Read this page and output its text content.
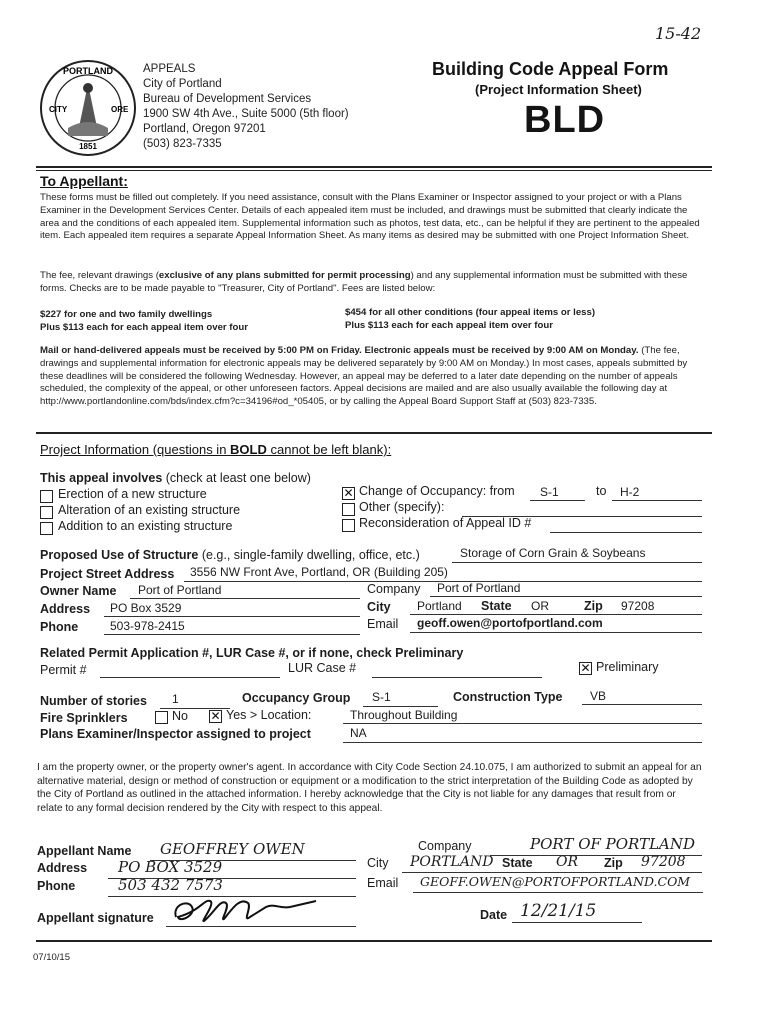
15-42
PORTLAND
1851
CITY	ORE
APPEALS
City of Portland
Bureau of Development Services
1900 SW 4th Ave., Suite 5000 (5th floor)
Portland, Oregon 97201
(503) 823-7335
Building Code Appeal Form
(Project Information Sheet)
BLD
To Appellant:
These forms must be filled out completely. If you need assistance, consult with the Plans Examiner or Inspector assigned to your project or with a Plans Examiner in the Development Services Center. Details of each appealed item must be included, and drawings must be submitted that clearly indicate the area and the conditions of each appealed item. Supplemental information such as photos, test data, etc., can be helpful if they are pertinent to the appealed item. Each appealed item requires a separate Appeal Information Sheet. As many items as desired may be submitted with one Project Information Sheet.
The fee, relevant drawings (exclusive of any plans submitted for permit processing) and any supplemental information must be submitted with these forms. Checks are to be made payable to "Treasurer, City of Portland". Fees are listed below:
$227 for one and two family dwellings
Plus $113 each for each appeal item over four
$454 for all other conditions (four appeal items or less)
Plus $113 each for each appeal item over four
Mail or hand-delivered appeals must be received by 5:00 PM on Friday. Electronic appeals must be received by 9:00 AM on Monday. (The fee, drawings and supplemental information for electronic appeals may be delivered separately by 9:00 AM on Monday.) In most cases, appeals submitted by these deadlines will be considered the following Wednesday. However, an appeal may be deferred to a later date depending on the number of appeals scheduled, the complexity of the appeal, or other unforeseen factors. Appeal decisions are mailed and are also usually available the following day at http://www.portlandonline.com/bds/index.cfm?c=34196#od_*05405, or by calling the Appeal Board Support Staff at (503) 823-7335.
Project Information (questions in BOLD cannot be left blank):
This appeal involves (check at least one below)
Erection of a new structure
Alteration of an existing structure
Addition to an existing structure
✕ Change of Occupancy: from S-1	to H-2
Other (specify):
Reconsideration of Appeal ID #
Proposed Use of Structure (e.g., single-family dwelling, office, etc.)	Storage of Corn Grain & Soybeans
Project Street Address 3556 NW Front Ave, Portland, OR (Building 205)
Owner Name Port of Portland	Company Port of Portland
Address PO Box 3529	City Portland State OR	Zip 97208
Phone	503-978-2415	Email geoff.owen@portofportland.com
Related Permit Application #, LUR Case #, or if none, check Preliminary
Permit #	LUR Case #	✕ Preliminary
Number of stories 1	Occupancy Group S-1	Construction Type VB
Fire Sprinklers	No ✕ Yes > Location:	Throughout Building
Plans Examiner/Inspector assigned to project	NA
I am the property owner, or the property owner's agent. In accordance with City Code Section 24.10.075, I am authorized to submit an appeal for an alternative material, design or method of construction or equipment or a modification to the strict interpretation of the Building Code as adopted by the City of Portland as outlined in the attached information. I hereby acknowledge that the City is not liable for any damages that result from or relate to any formal decision rendered by the City with respect to this appeal.
Appellant Name GEOFFREY OWEN	Company	PORT OF PORTLAND
Address PO BOX 3529	City PORTLAND State OR Zip 97208
Phone	503 432 7573	Email GEOFF.OWEN@PORTOFPORTLAND.COM
Appellant signature	Date 12/21/15
07/10/15
